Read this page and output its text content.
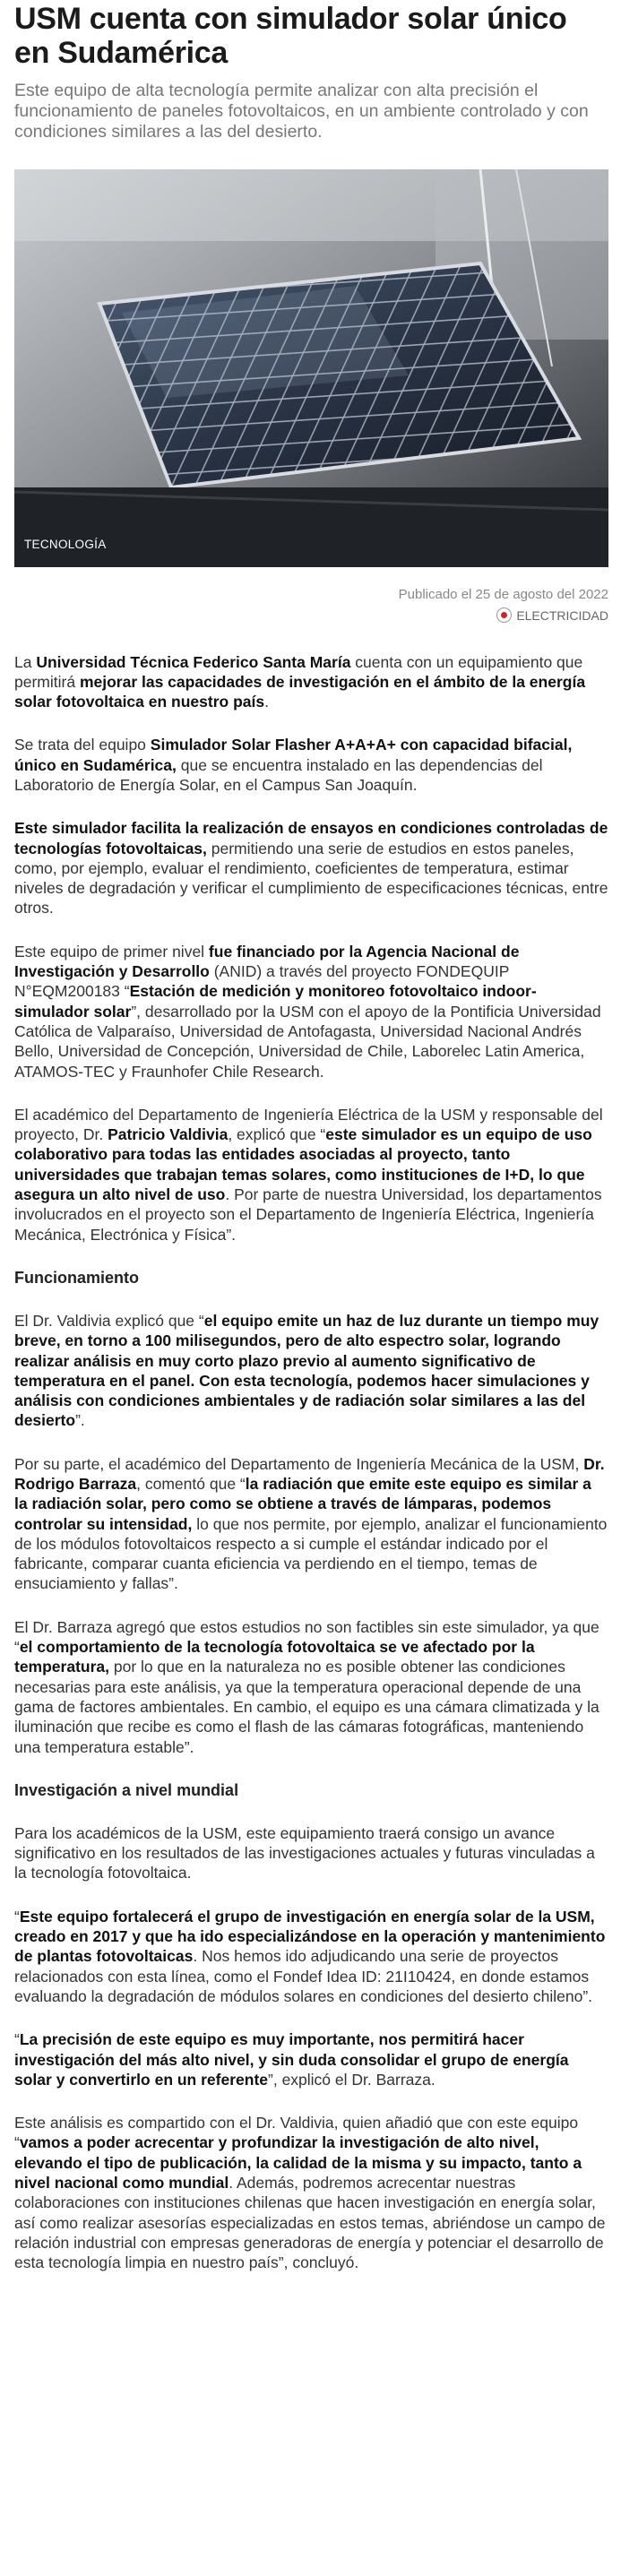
USM cuenta con simulador solar único en Sudamérica

Este equipo de alta tecnología permite analizar con alta precisión el funcionamiento de paneles fotovoltaicos, en un ambiente controlado y con condiciones similares a las del desierto.

TECNOLOGÍA
Publicado el 25 de agosto del 2022
ELECTRICIDAD

La Universidad Técnica Federico Santa María cuenta con un equipamiento que permitirá mejorar las capacidades de investigación en el ámbito de la energía solar fotovoltaica en nuestro país.

Se trata del equipo Simulador Solar Flasher A+A+A+ con capacidad bifacial, único en Sudamérica, que se encuentra instalado en las dependencias del Laboratorio de Energía Solar, en el Campus San Joaquín.

Este simulador facilita la realización de ensayos en condiciones controladas de tecnologías fotovoltaicas, permitiendo una serie de estudios en estos paneles, como, por ejemplo, evaluar el rendimiento, coeficientes de temperatura, estimar niveles de degradación y verificar el cumplimiento de especificaciones técnicas, entre otros.

Este equipo de primer nivel fue financiado por la Agencia Nacional de Investigación y Desarrollo (ANID) a través del proyecto FONDEQUIP N°EQM200183 “Estación de medición y monitoreo fotovoltaico indoor-simulador solar”, desarrollado por la USM con el apoyo de la Pontificia Universidad Católica de Valparaíso, Universidad de Antofagasta, Universidad Nacional Andrés Bello, Universidad de Concepción, Universidad de Chile, Laborelec Latin America, ATAMOS-TEC y Fraunhofer Chile Research.

El académico del Departamento de Ingeniería Eléctrica de la USM y responsable del proyecto, Dr. Patricio Valdivia, explicó que “este simulador es un equipo de uso colaborativo para todas las entidades asociadas al proyecto, tanto universidades que trabajan temas solares, como instituciones de I+D, lo que asegura un alto nivel de uso. Por parte de nuestra Universidad, los departamentos involucrados en el proyecto son el Departamento de Ingeniería Eléctrica, Ingeniería Mecánica, Electrónica y Física”.

Funcionamiento

El Dr. Valdivia explicó que “el equipo emite un haz de luz durante un tiempo muy breve, en torno a 100 milisegundos, pero de alto espectro solar, logrando realizar análisis en muy corto plazo previo al aumento significativo de temperatura en el panel. Con esta tecnología, podemos hacer simulaciones y análisis con condiciones ambientales y de radiación solar similares a las del desierto”.

Por su parte, el académico del Departamento de Ingeniería Mecánica de la USM, Dr. Rodrigo Barraza, comentó que “la radiación que emite este equipo es similar a la radiación solar, pero como se obtiene a través de lámparas, podemos controlar su intensidad, lo que nos permite, por ejemplo, analizar el funcionamiento de los módulos fotovoltaicos respecto a si cumple el estándar indicado por el fabricante, comparar cuanta eficiencia va perdiendo en el tiempo, temas de ensuciamiento y fallas”.

El Dr. Barraza agregó que estos estudios no son factibles sin este simulador, ya que “el comportamiento de la tecnología fotovoltaica se ve afectado por la temperatura, por lo que en la naturaleza no es posible obtener las condiciones necesarias para este análisis, ya que la temperatura operacional depende de una gama de factores ambientales. En cambio, el equipo es una cámara climatizada y la iluminación que recibe es como el flash de las cámaras fotográficas, manteniendo una temperatura estable”.

Investigación a nivel mundial

Para los académicos de la USM, este equipamiento traerá consigo un avance significativo en los resultados de las investigaciones actuales y futuras vinculadas a la tecnología fotovoltaica.

“Este equipo fortalecerá el grupo de investigación en energía solar de la USM, creado en 2017 y que ha ido especializándose en la operación y mantenimiento de plantas fotovoltaicas. Nos hemos ido adjudicando una serie de proyectos relacionados con esta línea, como el Fondef Idea ID: 21I10424, en donde estamos evaluando la degradación de módulos solares en condiciones del desierto chileno”.

“La precisión de este equipo es muy importante, nos permitirá hacer investigación del más alto nivel, y sin duda consolidar el grupo de energía solar y convertirlo en un referente”, explicó el Dr. Barraza.

Este análisis es compartido con el Dr. Valdivia, quien añadió que con este equipo “vamos a poder acrecentar y profundizar la investigación de alto nivel, elevando el tipo de publicación, la calidad de la misma y su impacto, tanto a nivel nacional como mundial. Además, podremos acrecentar nuestras colaboraciones con instituciones chilenas que hacen investigación en energía solar, así como realizar asesorías especializadas en estos temas, abriéndose un campo de relación industrial con empresas generadoras de energía y potenciar el desarrollo de esta tecnología limpia en nuestro país”, concluyó.
